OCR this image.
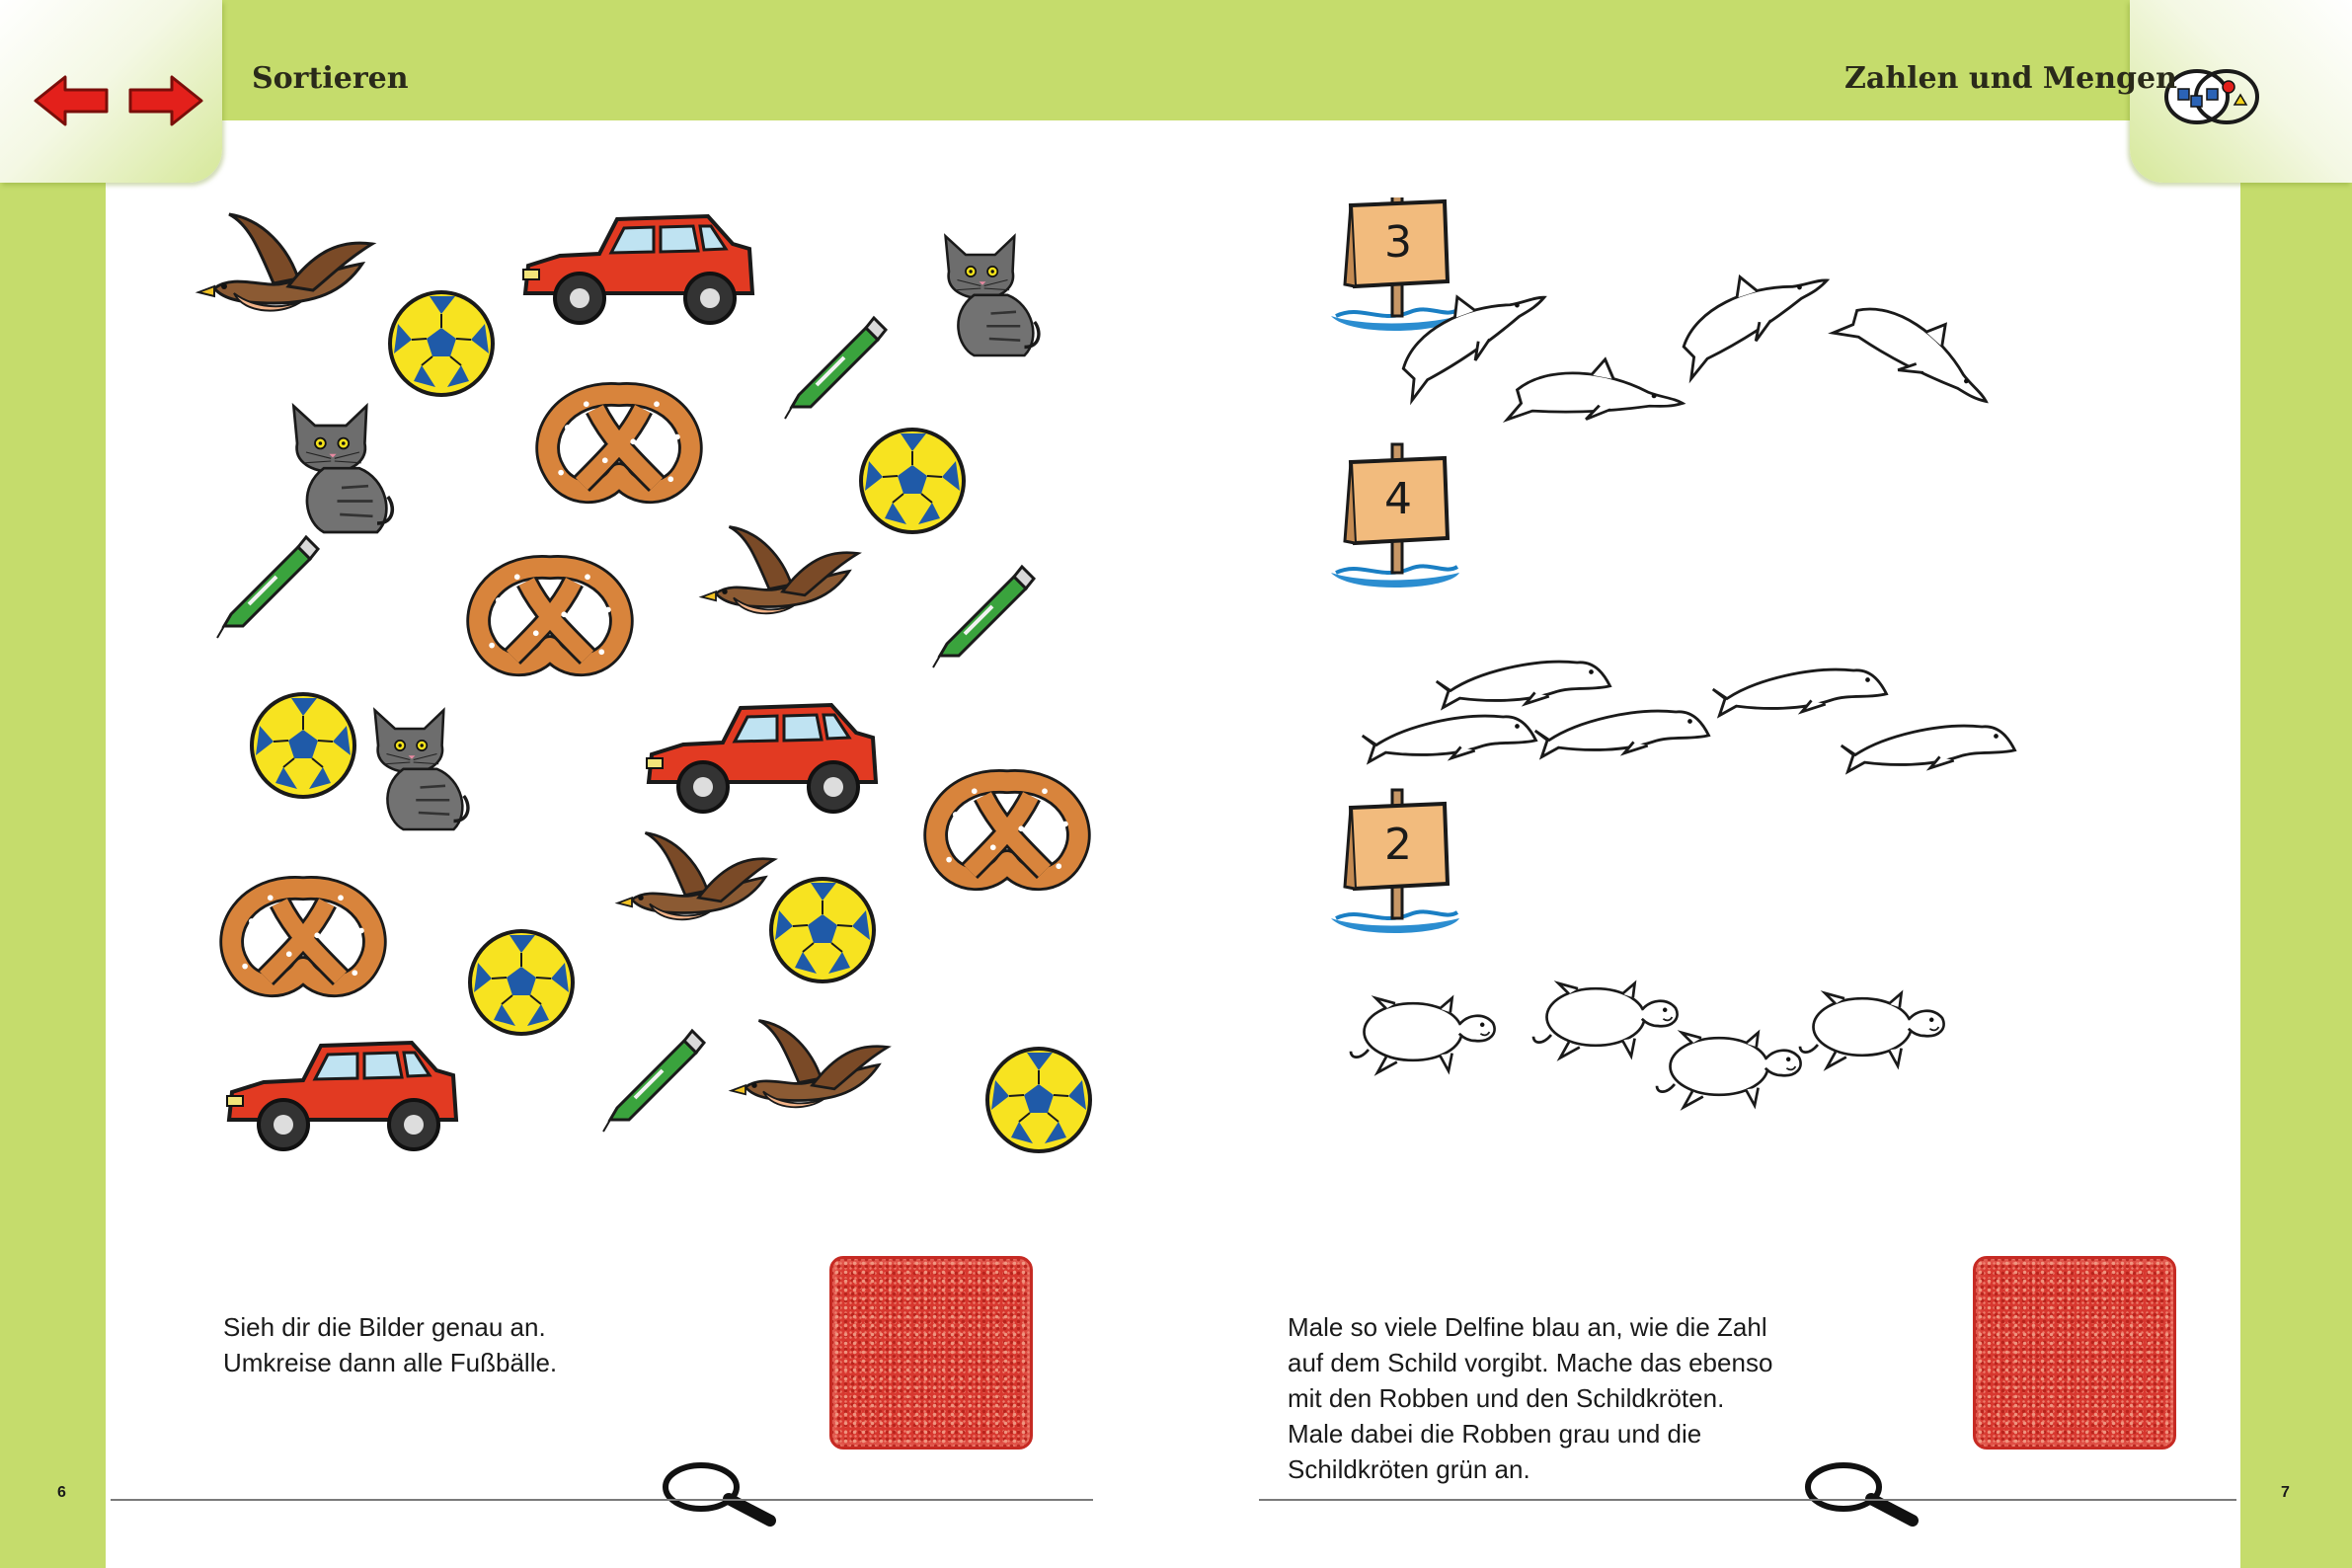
Sortieren	Zahlen und Mengen
Sieh dir die Bilder genau an.
Umkreise dann alle Fußbälle.
6
3
4
2
Male so viele Delfine blau an, wie die Zahl
auf dem Schild vorgibt. Mache das ebenso
mit den Robben und den Schildkröten.
Male dabei die Robben grau und die
Schildkröten grün an.
7
